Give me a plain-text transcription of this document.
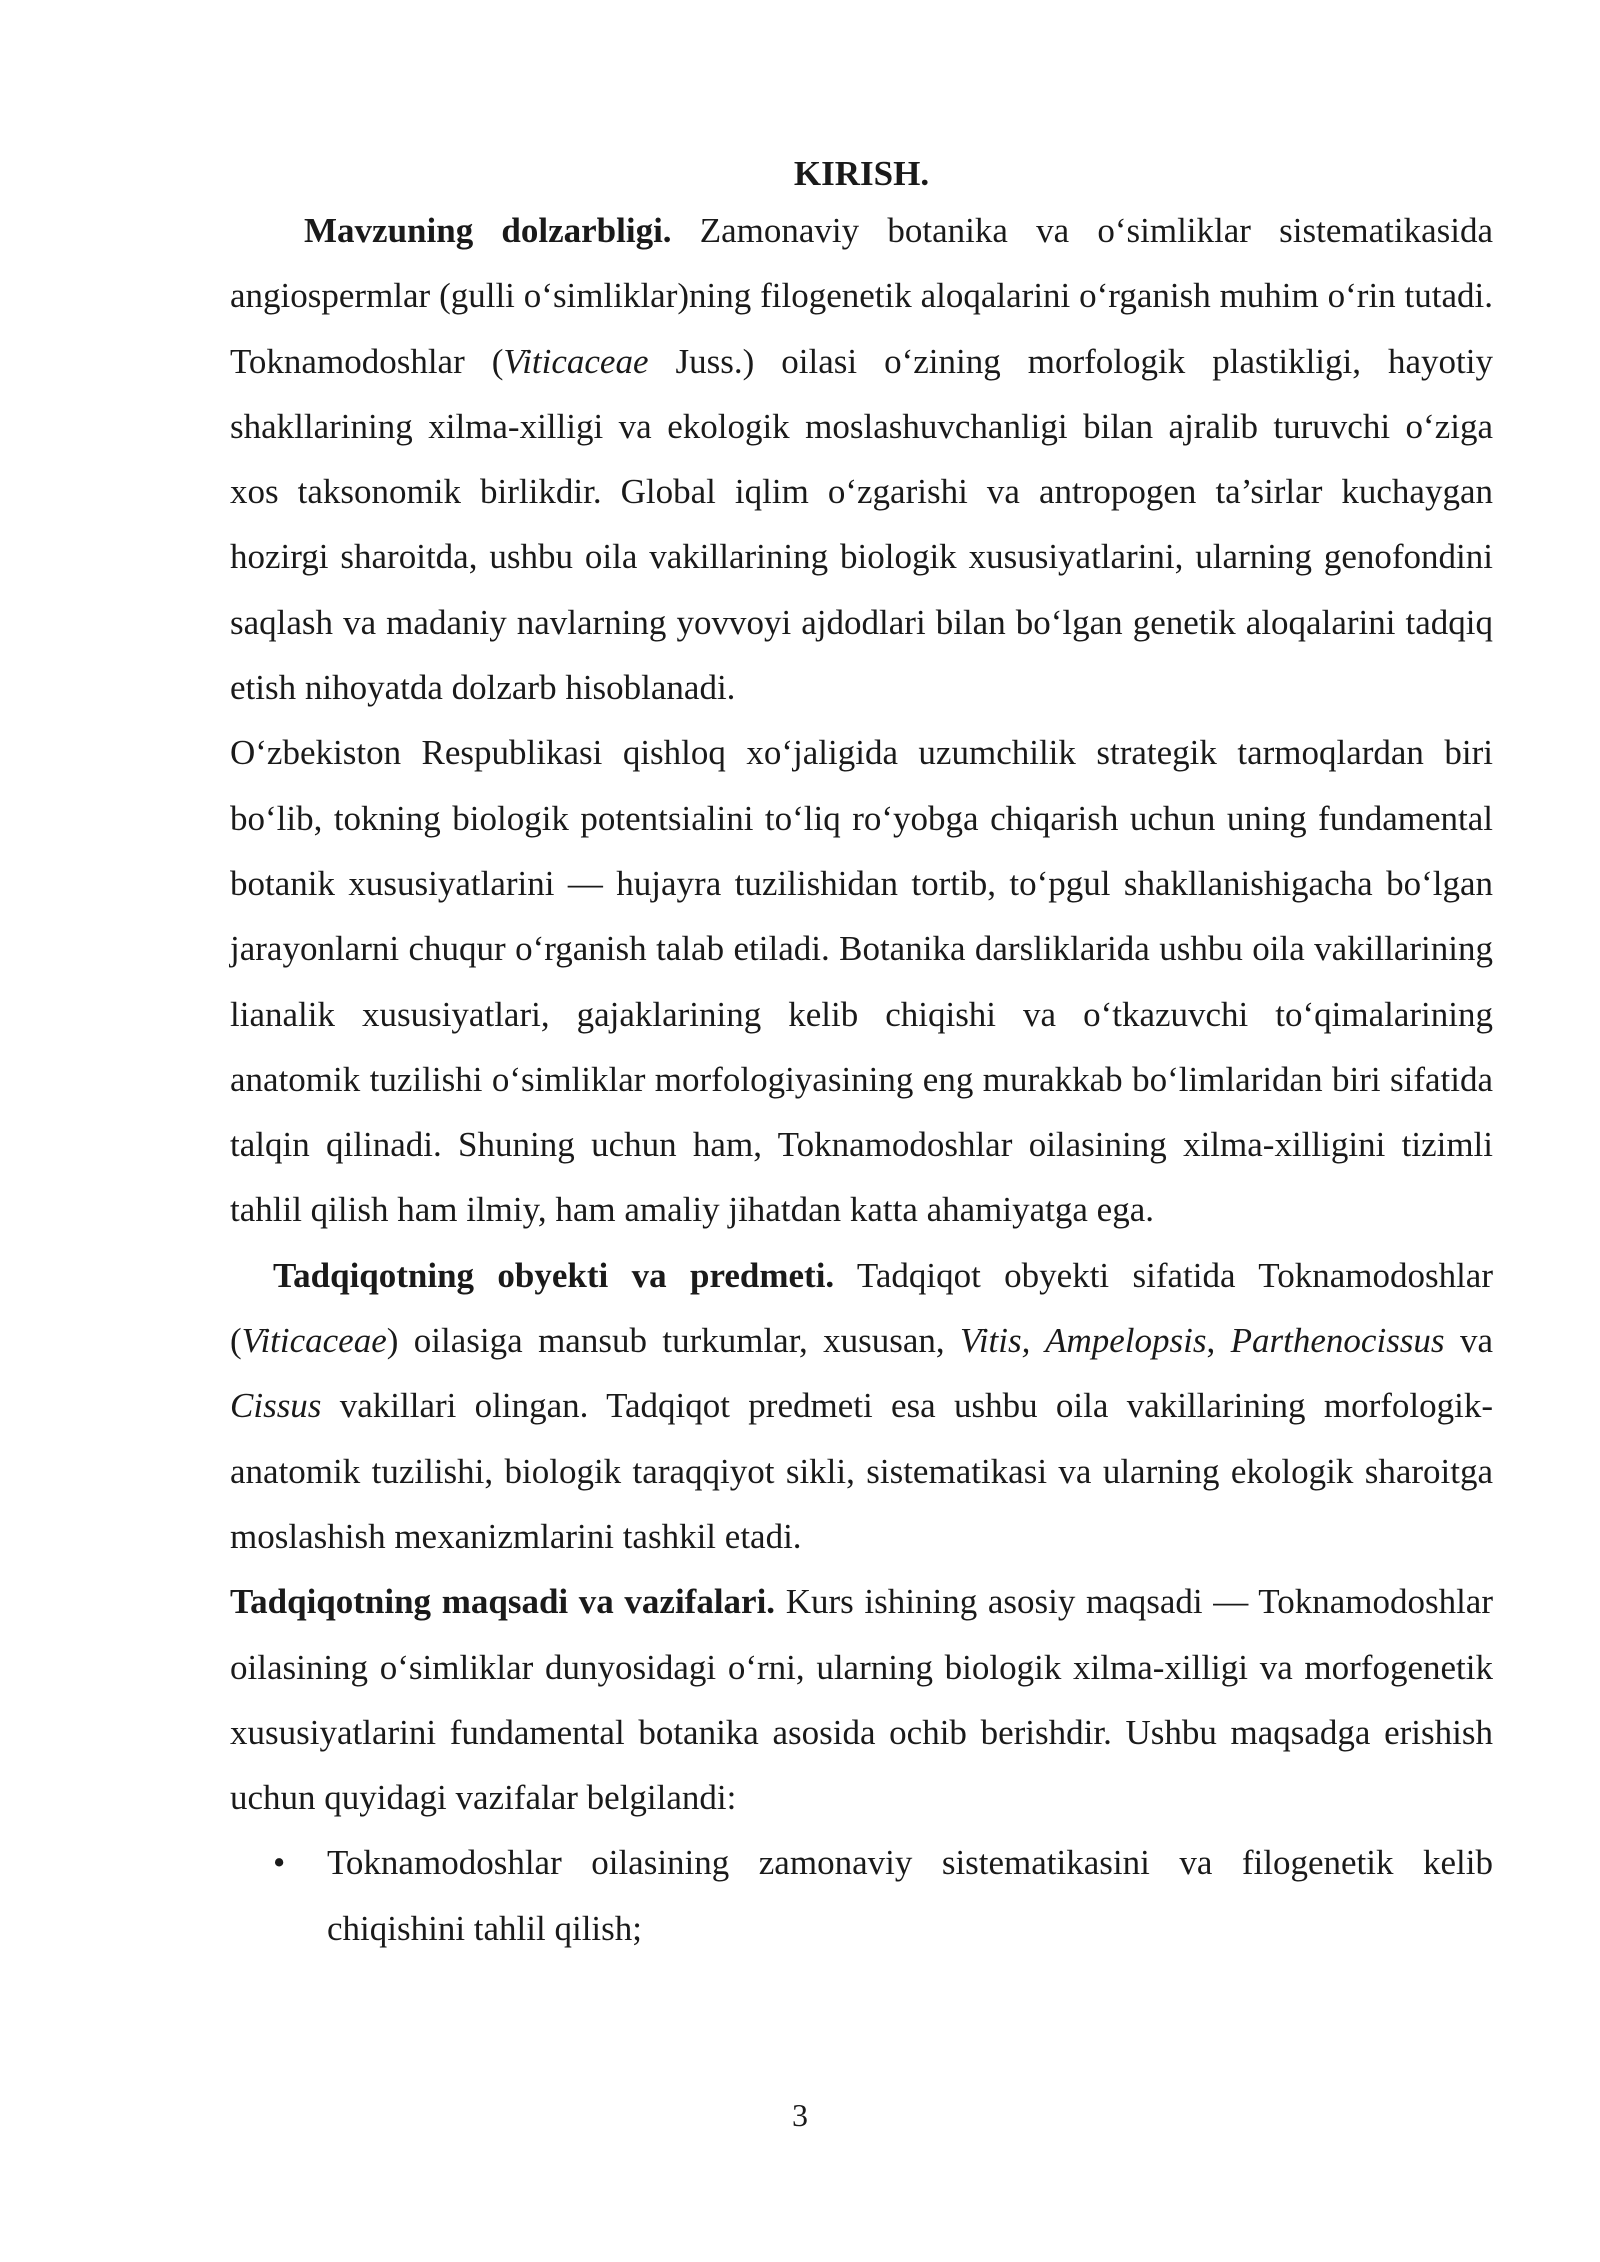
KIRISH.

Mavzuning dolzarbligi. Zamonaviy botanika va oʻsimliklar sistematikasida angiospermlar (gulli oʻsimliklar)ning filogenetik aloqalarini oʻrganish muhim oʻrin tutadi. Toknamodoshlar (Viticaceae Juss.) oilasi oʻzining morfologik plastikligi, hayotiy shakllarining xilma-xilligi va ekologik moslashuvchanligi bilan ajralib turuvchi oʻziga xos taksonomik birlikdir. Global iqlim oʻzgarishi va antropogen ta’sirlar kuchaygan hozirgi sharoitda, ushbu oila vakillarining biologik xususiyatlarini, ularning genofondini saqlash va madaniy navlarning yovvoyi ajdodlari bilan boʻlgan genetik aloqalarini tadqiq etish nihoyatda dolzarb hisoblanadi.

Oʻzbekiston Respublikasi qishloq xoʻjaligida uzumchilik strategik tarmoqlardan biri boʻlib, tokning biologik potentsialini toʻliq roʻyobga chiqarish uchun uning fundamental botanik xususiyatlarini — hujayra tuzilishidan tortib, toʻpgul shakllanishigacha boʻlgan jarayonlarni chuqur oʻrganish talab etiladi. Botanika darsliklarida ushbu oila vakillarining lianalik xususiyatlari, gajaklarining kelib chiqishi va oʻtkazuvchi toʻqimalarining anatomik tuzilishi oʻsimliklar morfologiyasining eng murakkab boʻlimlaridan biri sifatida talqin qilinadi. Shuning uchun ham, Toknamodoshlar oilasining xilma-xilligini tizimli tahlil qilish ham ilmiy, ham amaliy jihatdan katta ahamiyatga ega.

Tadqiqotning obyekti va predmeti. Tadqiqot obyekti sifatida Toknamodoshlar (Viticaceae) oilasiga mansub turkumlar, xususan, Vitis, Ampelopsis, Parthenocissus va Cissus vakillari olingan. Tadqiqot predmeti esa ushbu oila vakillarining morfologik-anatomik tuzilishi, biologik taraqqiyot sikli, sistematikasi va ularning ekologik sharoitga moslashish mexanizmlarini tashkil etadi.

Tadqiqotning maqsadi va vazifalari. Kurs ishining asosiy maqsadi — Toknamodoshlar oilasining oʻsimliklar dunyosidagi oʻrni, ularning biologik xilma-xilligi va morfogenetik xususiyatlarini fundamental botanika asosida ochib berishdir. Ushbu maqsadga erishish uchun quyidagi vazifalar belgilandi:

• Toknamodoshlar oilasining zamonaviy sistematikasini va filogenetik kelib chiqishini tahlil qilish;
3
